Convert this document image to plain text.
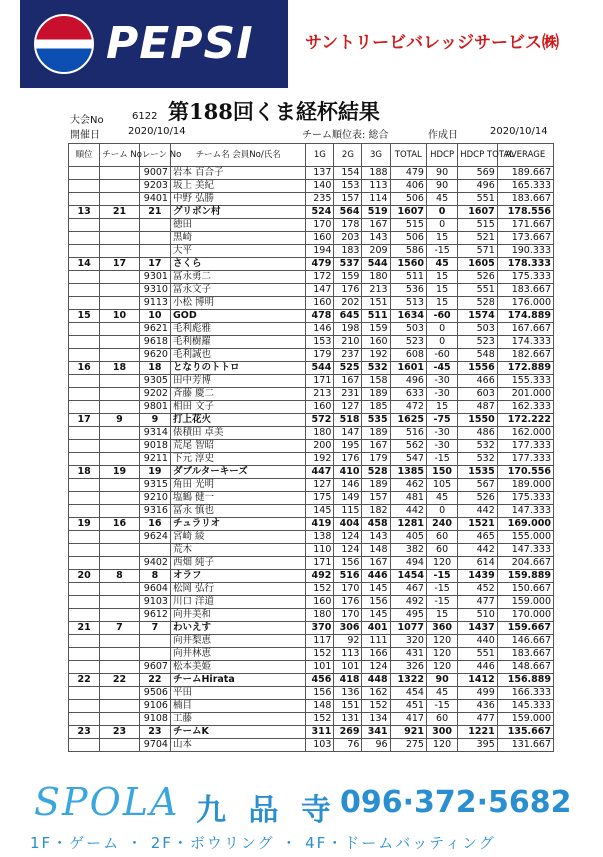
PEPSI	サントリービバレッジサービス㈱
第188回くま経杯結果
大会No	6122
開催日	2020/10/14	チーム順位表: 総合	作成日	2020/10/14
順位	チーム No	レーン No	チーム名 会員No/氏名	1G	2G	3G	TOTAL	HDCP	HDCP TOTAL	AVERAGE
		9007	岩本 百合子	137	154	188	479	90	569	189.667
		9203	坂上 美紀	140	153	113	406	90	496	165.333
		9401	中野 弘勝	235	157	114	506	45	551	183.667
13	21	21	グリボン村	524	564	519	1607	0	1607	178.556
			徳田	170	178	167	515	0	515	171.667
			黒崎	160	203	143	506	15	521	173.667
			大平	194	183	209	586	-15	571	190.333
14	17	17	さくら	479	537	544	1560	45	1605	178.333
		9301	冨永勇二	172	159	180	511	15	526	175.333
		9310	冨永文子	147	176	213	536	15	551	183.667
		9113	小松 博明	160	202	151	513	15	528	176.000
15	10	10	GOD	478	645	511	1634	-60	1574	174.889
		9621	毛利彪雅	146	198	159	503	0	503	167.667
		9618	毛利樹羅	153	210	160	523	0	523	174.333
		9620	毛利誠也	179	237	192	608	-60	548	182.667
16	18	18	となりのトトロ	544	525	532	1601	-45	1556	172.889
		9305	田中芳博	171	167	158	496	-30	466	155.333
		9202	斉藤 慶二	213	231	189	633	-30	603	201.000
		9801	相田 文子	160	127	185	472	15	487	162.333
17	9	9	打上花火	572	518	535	1625	-75	1550	172.222
		9314	俵積田 卓美	180	147	189	516	-30	486	162.000
		9018	荒尾 智昭	200	195	167	562	-30	532	177.333
		9211	下元 淳史	192	176	179	547	-15	532	177.333
18	19	19	ダブルターキーズ	447	410	528	1385	150	1535	170.556
		9315	角田 光明	127	146	189	462	105	567	189.000
		9210	塩鶴 健一	175	149	157	481	45	526	175.333
		9316	冨永 慎也	145	115	182	442	0	442	147.333
19	16	16	チュラリオ	419	404	458	1281	240	1521	169.000
		9624	宮崎 綾	138	124	143	405	60	465	155.000
			荒木	110	124	148	382	60	442	147.333
		9402	西畑 純子	171	156	167	494	120	614	204.667
20	8	8	オラフ	492	516	446	1454	-15	1439	159.889
		9604	松岡 弘行	152	170	145	467	-15	452	150.667
		9103	川口 洋道	160	176	156	492	-15	477	159.000
		9612	向井美和	180	170	145	495	15	510	170.000
21	7	7	わいえす	370	306	401	1077	360	1437	159.667
			向井梨恵	117	92	111	320	120	440	146.667
			向井林恵	152	113	166	431	120	551	183.667
		9607	松本美姫	101	101	124	326	120	446	148.667
22	22	22	チームHirata	456	418	448	1322	90	1412	156.889
		9506	平田	156	136	162	454	45	499	166.333
		9106	楠目	148	151	152	451	-15	436	145.333
		9108	工藤	152	131	134	417	60	477	159.000
23	23	23	チームK	311	269	341	921	300	1221	135.667
		9704	山本	103	76	96	275	120	395	131.667
SPOLA 九 品 寺 096·372·5682
1F・ゲーム ・ 2F・ボウリング ・ 4F・ドームバッティング
